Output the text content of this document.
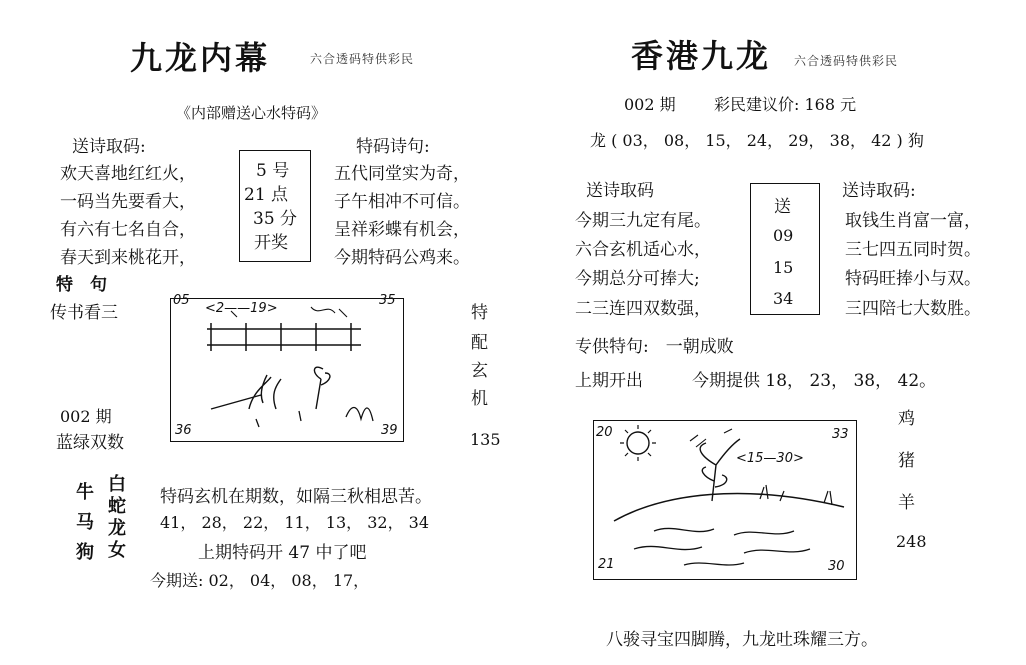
九龙内幕	六合透码特供彩民
《内部赠送心水特码》
送诗取码:
欢天喜地红红火，
一码当先要看大，
有六有七名自合，
春天到来桃花开，
5 号
21 点
35 分
开奖
特码诗句:
五代同堂实为奇，
子午相冲不可信。
呈祥彩蝶有机会，
今期特码公鸡来。
特　句
传书看三
05	35
36	39
<2——19>
002 期
蓝绿双数
特
配
玄
机
135
牛
马
狗
白
蛇
龙
女
特码玄机在期数，如隔三秋相思苦。
41， 28， 22， 11， 13， 32， 34
上期特码开 47 中了吧
今期送: 02， 04， 08， 17，
香港九龙 六合透码特供彩民
002 期 彩民建议价: 168 元
龙 ( 03， 08， 15， 24， 29， 38， 42 ) 狗
送诗取码
今期三九定有尾。
六合玄机适心水，
今期总分可捧大;
二三连四双数强，
送
09
15
34
送诗取码:
取钱生肖富一富，
三七四五同时贺。
特码旺捧小与双。
三四陪七大数胜。
专供特句:　一朝成败
上期开出	今期提供 18， 23， 38， 42。
20	33
21	30
<15—30>
鸡
猪
羊
248
八骏寻宝四脚腾，九龙吐珠耀三方。
